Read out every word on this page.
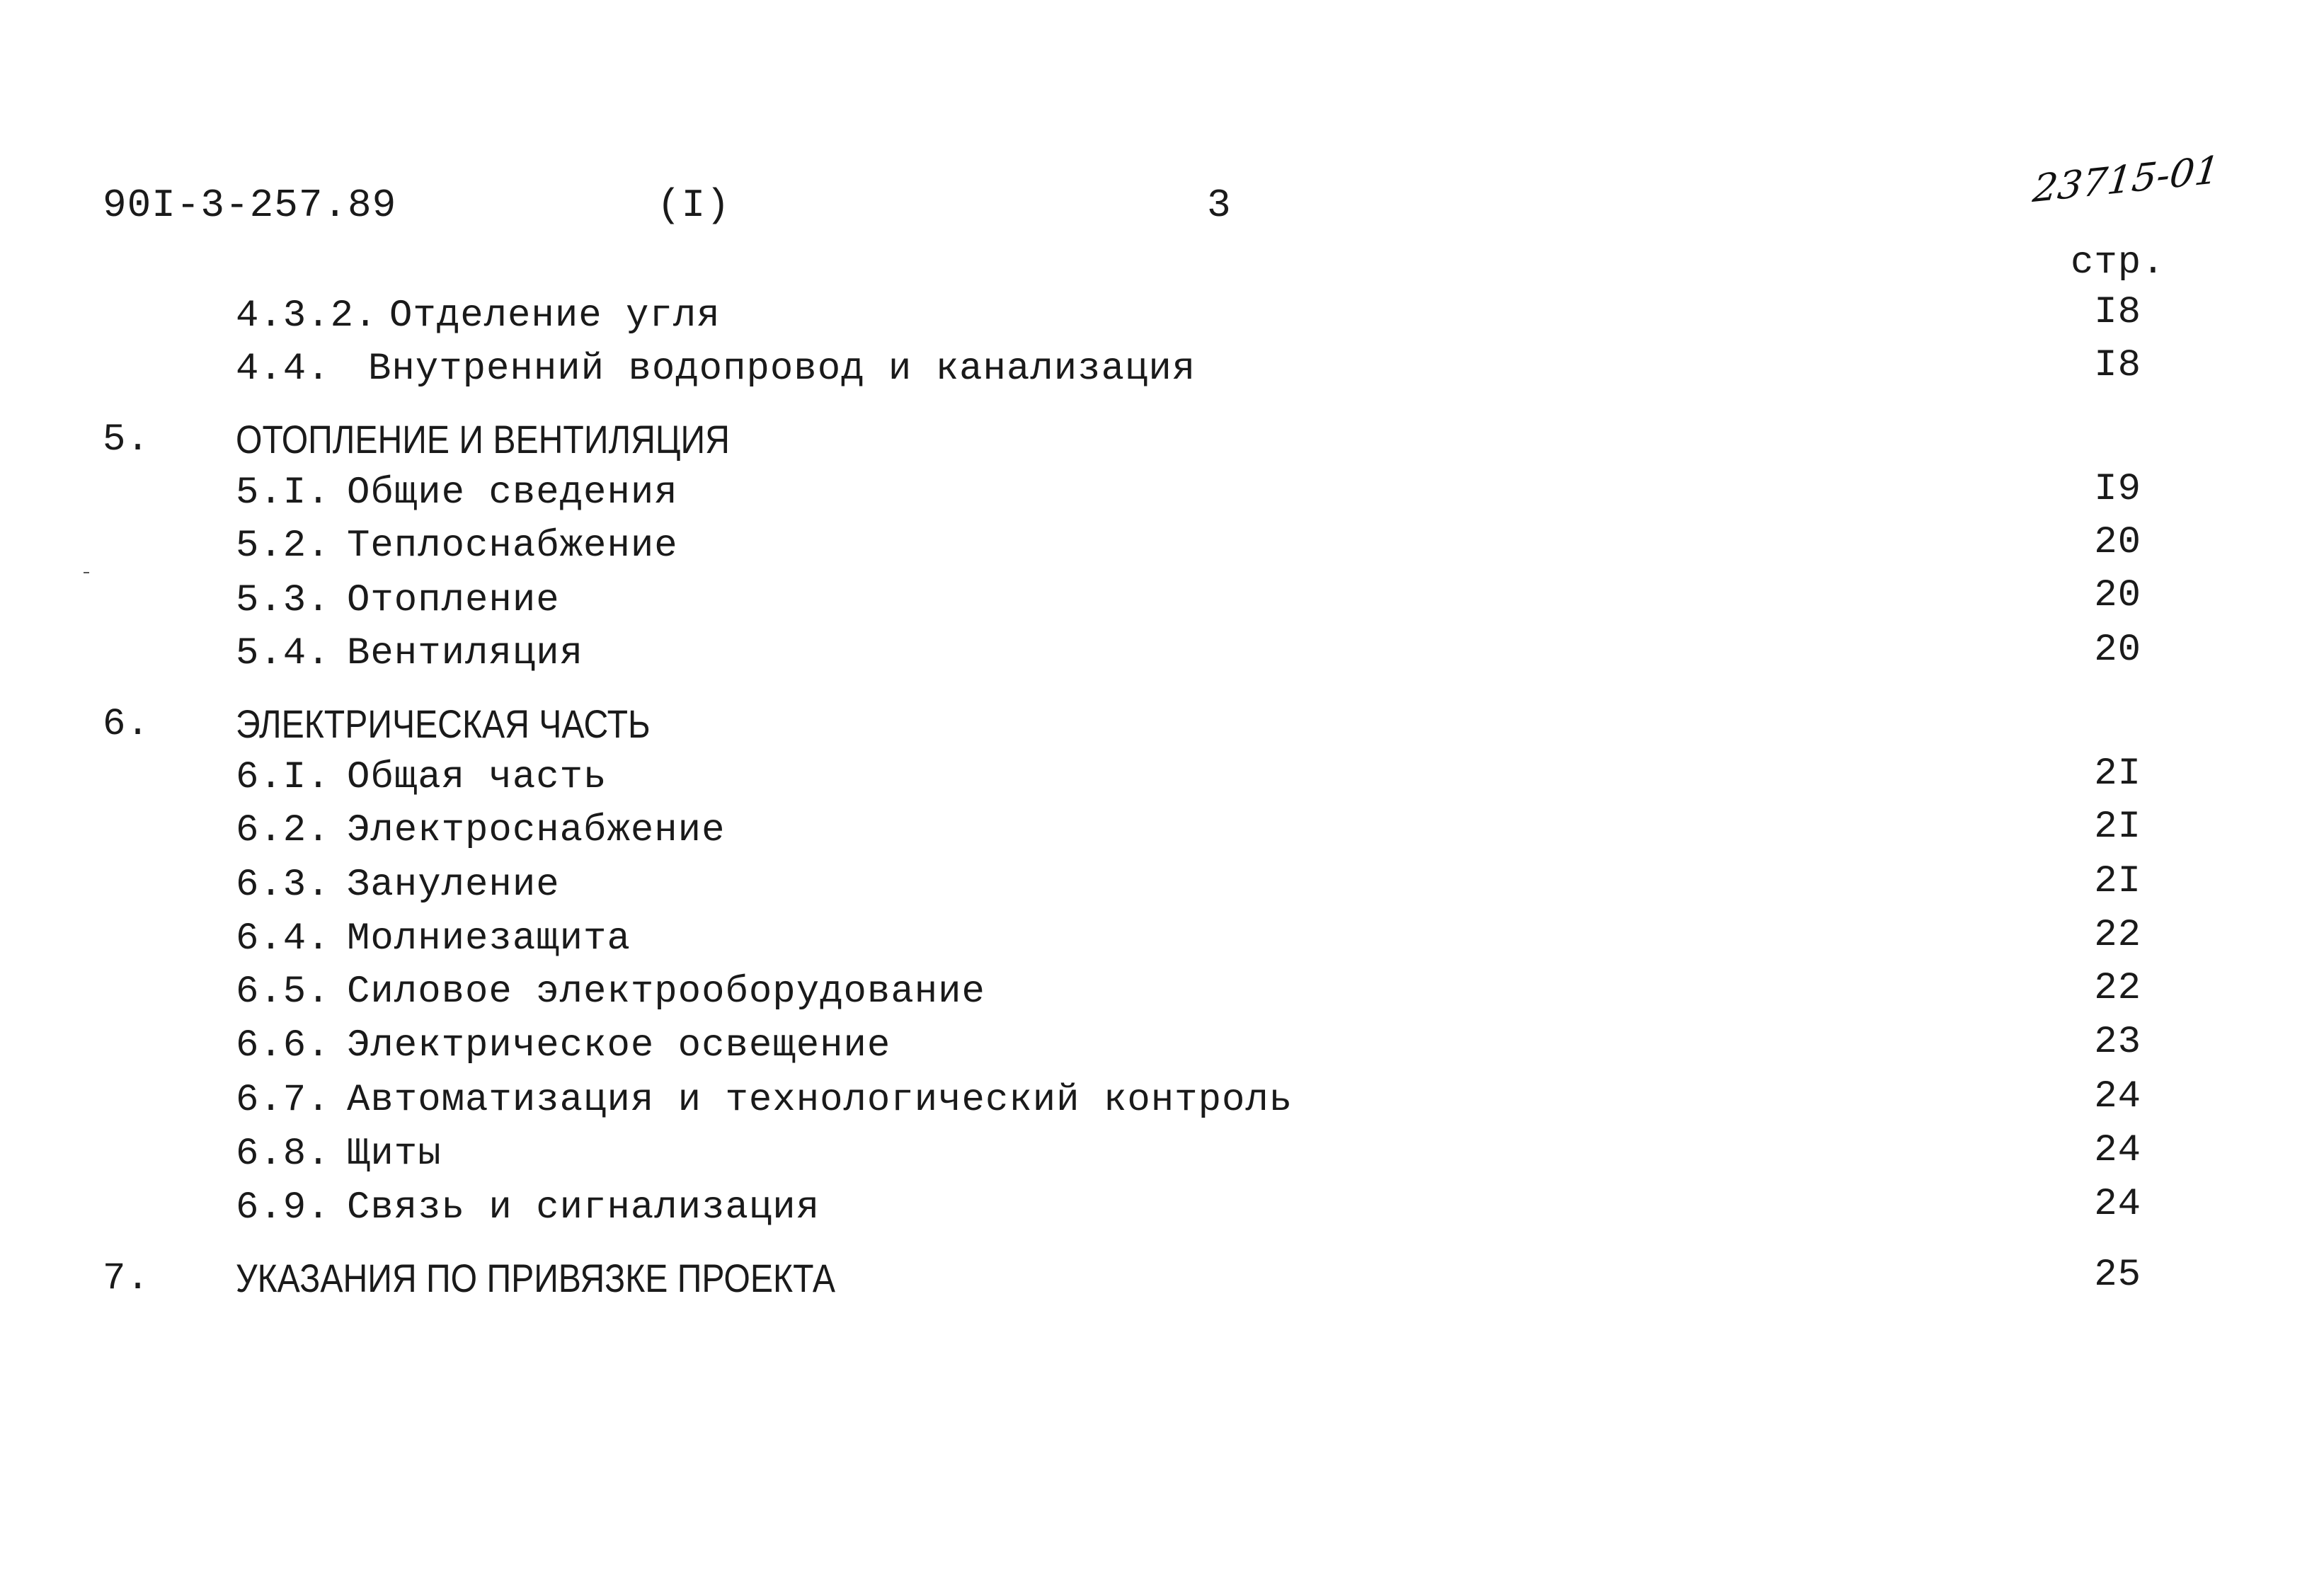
90I-3-257.89	(I)	3	23715-01
стр.
4.3.2. Отделение угля	I8
4.4. Внутренний водопровод и канализация	I8
5. ОТОПЛЕНИЕ И ВЕНТИЛЯЦИЯ
5.I. Общие сведения	I9
5.2. Теплоснабжение	20
5.3. Отопление	20
5.4. Вентиляция	20
6. ЭЛЕКТРИЧЕСКАЯ ЧАСТЬ
6.I. Общая часть	2I
6.2. Электроснабжение	2I
6.3. Зануление	2I
6.4. Молниезащита	22
6.5. Силовое электрооборудование	22
6.6. Электрическое освещение	23
6.7. Автоматизация и технологический контроль	24
6.8. Щиты	24
6.9. Связь и сигнализация	24
7. УКАЗАНИЯ ПО ПРИВЯЗКЕ ПРОЕКТА	25
